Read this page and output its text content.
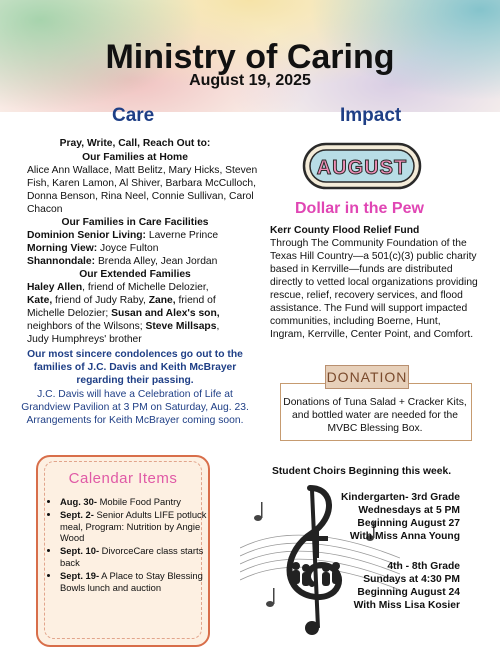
Ministry of Caring
August 19, 2025
Care
Pray, Write, Call, Reach Out to:
Our Families at Home
Alice Ann Wallace, Matt Belitz, Mary Hicks, Steven
Fish, Karen Lamon, Al Shiver, Barbara McCulloch,
Donna Benson, Rina Neel, Connie Sullivan, Carol
Chacon
Our Families in Care Facilities
Dominion Senior Living: Laverne Prince
Morning View: Joyce Fulton
Shannondale: Brenda Alley, Jean Jordan
Our Extended Families
Haley Allen, friend of Michelle Delozier,
Kate, friend of Judy Raby, Zane, friend of
Michelle Delozier; Susan and Alex's son,
neighbors of the Wilsons; Steve Millsaps,
Judy Humphreys' brother
Our most sincere condolences go out to the
families of J.C. Davis and Keith McBrayer
regarding their passing.
J.C. Davis will have a Celebration of Life at
Grandview Pavilion at 3 PM on Saturday, Aug. 23.
Arrangements for Keith McBrayer coming soon.
Calendar Items
• Aug. 30- Mobile Food Pantry
• Sept. 2- Senior Adults LIFE potluck meal, Program: Nutrition by Angie Wood
• Sept. 10- DivorceCare class starts back
• Sept. 19- A Place to Stay Blessing Bowls lunch and auction
Impact
AUGUST
Dollar in the Pew
Kerr County Flood Relief Fund
Through The Community Foundation of the
Texas Hill Country—a 501(c)(3) public charity
based in Kerrville—funds are distributed
directly to vetted local organizations providing
rescue, relief, recovery services, and flood
assistance. The Fund will support impacted
communities, including Boerne, Hunt,
Ingram, Kerrville, Center Point, and Comfort.
DONATION
Donations of Tuna Salad + Cracker Kits,
and bottled water are needed for the
MVBC Blessing Box.
Student Choirs Beginning this week.
Kindergarten- 3rd Grade
Wednesdays at 5 PM
Beginning August 27
With Miss Anna Young
4th - 8th Grade
Sundays at 4:30 PM
Beginning August 24
With Miss Lisa Kosier
